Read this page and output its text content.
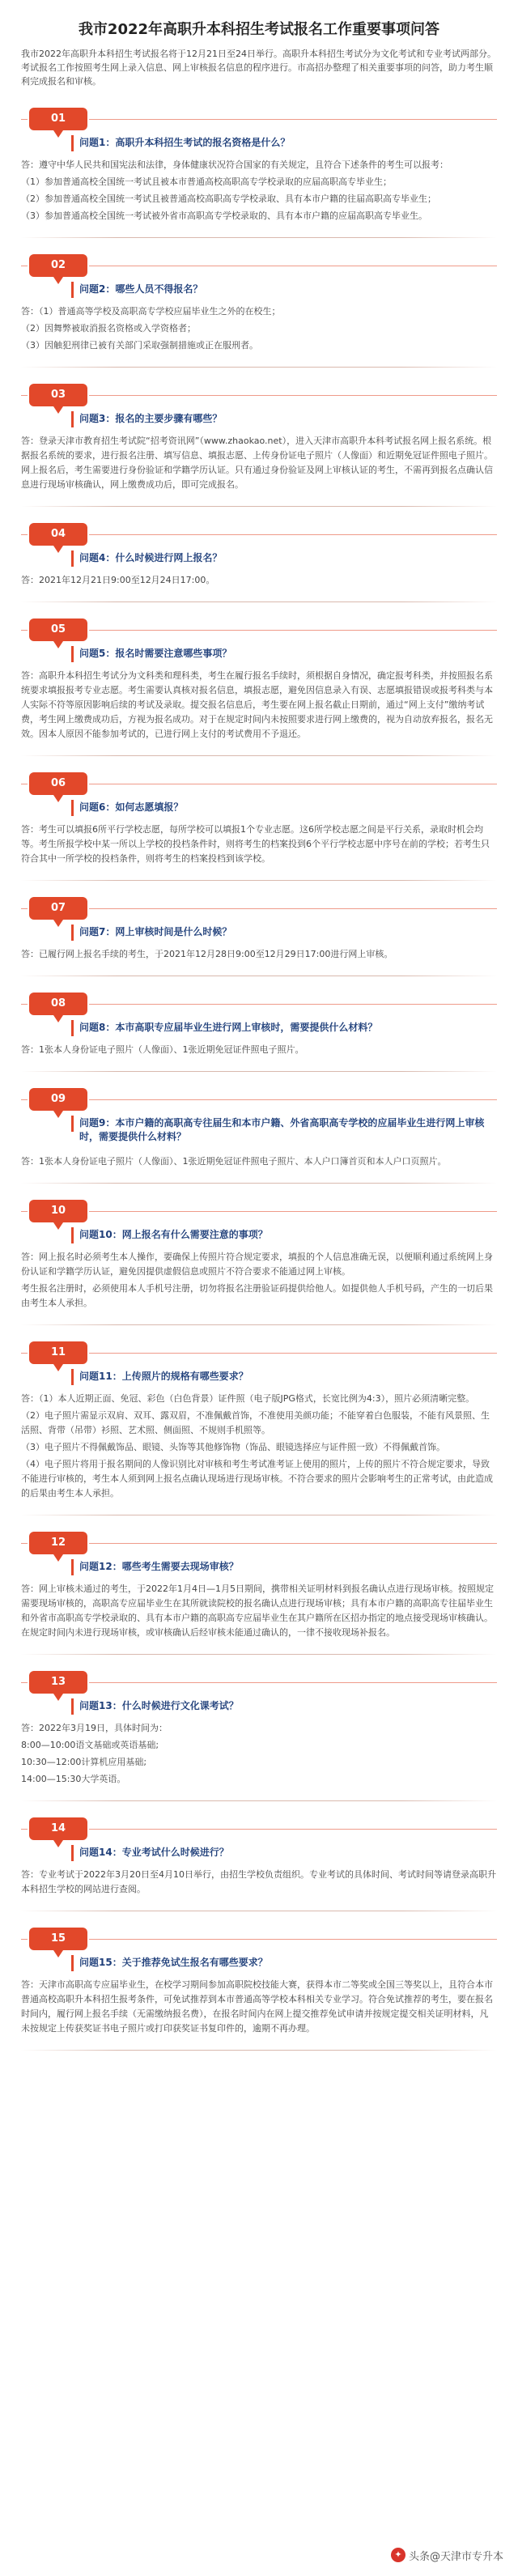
我市2022年高职升本科招生考试报名工作重要事项问答

我市2022年高职升本科招生考试报名将于12月21日至24日举行。高职升本科招生考试分为文化考试和专业考试两部分。考试报名工作按照考生网上录入信息、网上审核报名信息的程序进行。市高招办整理了相关重要事项的问答，助力考生顺利完成报名和审核。

01
问题1：高职升本科招生考试的报名资格是什么？

答：遵守中华人民共和国宪法和法律，身体健康状况符合国家的有关规定，且符合下述条件的考生可以报考：

（1）参加普通高校全国统一考试且被本市普通高校高职高专学校录取的应届高职高专毕业生；

（2）参加普通高校全国统一考试且被普通高校高职高专学校录取、具有本市户籍的往届高职高专毕业生；

（3）参加普通高校全国统一考试被外省市高职高专学校录取的、具有本市户籍的应届高职高专毕业生。

02
问题2：哪些人员不得报名？

答：（1）普通高等学校及高职高专学校应届毕业生之外的在校生；

（2）因舞弊被取消报名资格或入学资格者；

（3）因触犯刑律已被有关部门采取强制措施或正在服刑者。

03
问题3：报名的主要步骤有哪些？

答：登录天津市教育招生考试院“招考资讯网”（www.zhaokao.net），进入天津市高职升本科考试报名网上报名系统。根据报名系统的要求，进行报名注册、填写信息、填报志愿、上传身份证电子照片（人像面）和近期免冠证件照电子照片。网上报名后，考生需要进行身份验证和学籍学历认证。只有通过身份验证及网上审核认证的考生，不需再到报名点确认信息进行现场审核确认，网上缴费成功后，即可完成报名。

04
问题4：什么时候进行网上报名？

答：2021年12月21日9:00至12月24日17:00。

05
问题5：报名时需要注意哪些事项？

答：高职升本科招生考试分为文科类和理科类，考生在履行报名手续时，须根据自身情况，确定报考科类，并按照报名系统要求填报报考专业志愿。考生需要认真核对报名信息，填报志愿，避免因信息录入有误、志愿填报错误或报考科类与本人实际不符等原因影响后续的考试及录取。提交报名信息后，考生要在网上报名截止日期前，通过“网上支付”缴纳考试费，考生网上缴费成功后，方视为报名成功。对于在规定时间内未按照要求进行网上缴费的，视为自动放弃报名，报名无效。因本人原因不能参加考试的，已进行网上支付的考试费用不予退还。

06
问题6：如何志愿填报？

答：考生可以填报6所平行学校志愿，每所学校可以填报1个专业志愿。这6所学校志愿之间是平行关系，录取时机会均等。考生所报学校中某一所以上学校的投档条件时，则将考生的档案投到6个平行学校志愿中序号在前的学校；若考生只符合其中一所学校的投档条件，则将考生的档案投档到该学校。

07
问题7：网上审核时间是什么时候？

答：已履行网上报名手续的考生，于2021年12月28日9:00至12月29日17:00进行网上审核。

08
问题8：本市高职专应届毕业生进行网上审核时，需要提供什么材料？

答：1张本人身份证电子照片（人像面）、1张近期免冠证件照电子照片。

09
问题9：本市户籍的高职高专往届生和本市户籍、外省高职高专学校的应届毕业生进行网上审核时，需要提供什么材料？

答：1张本人身份证电子照片（人像面）、1张近期免冠证件照电子照片、本人户口簿首页和本人户口页照片。

10
问题10：网上报名有什么需要注意的事项？

答：网上报名时必须考生本人操作，要确保上传照片符合规定要求，填报的个人信息准确无误，以便顺利通过系统网上身份认证和学籍学历认证，避免因提供虚假信息或照片不符合要求不能通过网上审核。

考生报名注册时，必须使用本人手机号注册，切勿将报名注册验证码提供给他人。如提供他人手机号码，产生的一切后果由考生本人承担。

11
问题11：上传照片的规格有哪些要求？

答：（1）本人近期正面、免冠、彩色（白色背景）证件照（电子版JPG格式，长宽比例为4:3），照片必须清晰完整。

（2）电子照片需显示双肩、双耳、露双眉，不准佩戴首饰，不准使用美颜功能；不能穿着白色服装，不能有风景照、生活照、背带（吊带）衫照、艺术照、侧面照、不规则手机照等。

（3）电子照片不得佩戴饰品、眼镜、头饰等其他修饰物（饰品、眼镜选择应与证件照一致）不得佩戴首饰。

（4）电子照片将用于报名期间的人像识别比对审核和考生考试准考证上使用的照片，上传的照片不符合规定要求，导致不能进行审核的，考生本人须到网上报名点确认现场进行现场审核。不符合要求的照片会影响考生的正常考试，由此造成的后果由考生本人承担。

12
问题12：哪些考生需要去现场审核？

答：网上审核未通过的考生，于2022年1月4日—1月5日期间，携带相关证明材料到报名确认点进行现场审核。按照规定需要现场审核的，高职高专应届毕业生在其所就读院校的报名确认点进行现场审核；具有本市户籍的高职高专往届毕业生和外省市高职高专学校录取的、具有本市户籍的高职高专应届毕业生在其户籍所在区招办指定的地点接受现场审核确认。在规定时间内未进行现场审核，或审核确认后经审核未能通过确认的，一律不接收现场补报名。

13
问题13：什么时候进行文化课考试？

答：2022年3月19日，具体时间为：

8:00—10:00语文基础或英语基础;

10:30—12:00计算机应用基础;

14:00—15:30大学英语。

14
问题14：专业考试什么时候进行？

答：专业考试于2022年3月20日至4月10日举行，由招生学校负责组织。专业考试的具体时间、考试时间等请登录高职升本科招生学校的网站进行查阅。

15
问题15：关于推荐免试生报名有哪些要求？

答：天津市高职高专应届毕业生，在校学习期间参加高职院校技能大赛，获得本市二等奖或全国三等奖以上，且符合本市普通高校高职升本科招生报考条件，可免试推荐到本市普通高等学校本科相关专业学习。符合免试推荐的考生，要在报名时间内，履行网上报名手续（无需缴纳报名费），在报名时间内在网上提交推荐免试申请并按规定提交相关证明材料，凡未按规定上传获奖证书电子照片或打印获奖证书复印件的，逾期不再办理。

✦ 头条@天津市专升本
